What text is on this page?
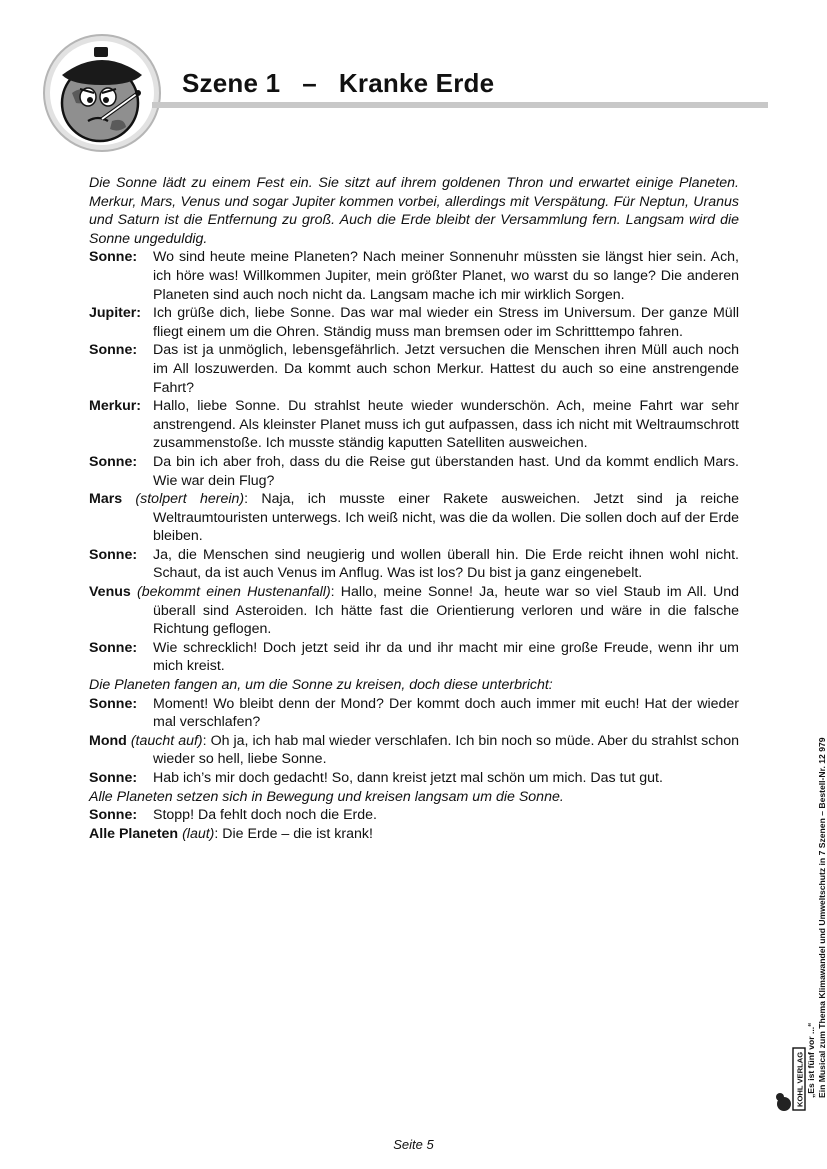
Szene 1 – Kranke Erde

Die Sonne lädt zu einem Fest ein. Sie sitzt auf ihrem goldenen Thron und erwartet einige Planeten. Merkur, Mars, Venus und sogar Jupiter kommen vorbei, allerdings mit Verspätung. Für Neptun, Uranus und Saturn ist die Entfernung zu groß. Auch die Erde bleibt der Versammlung fern. Langsam wird die Sonne ungeduldig.

Sonne: Wo sind heute meine Planeten? Nach meiner Sonnenuhr müssten sie längst hier sein. Ach, ich höre was! Willkommen Jupiter, mein größter Planet, wo warst du so lange? Die anderen Planeten sind auch noch nicht da. Langsam mache ich mir wirklich Sorgen.

Jupiter: Ich grüße dich, liebe Sonne. Das war mal wieder ein Stress im Universum. Der ganze Müll fliegt einem um die Ohren. Ständig muss man bremsen oder im Schritttempo fahren.

Sonne: Das ist ja unmöglich, lebensgefährlich. Jetzt versuchen die Menschen ihren Müll auch noch im All loszuwerden. Da kommt auch schon Merkur. Hattest du auch so eine anstrengende Fahrt?

Merkur: Hallo, liebe Sonne. Du strahlst heute wieder wunderschön. Ach, meine Fahrt war sehr anstrengend. Als kleinster Planet muss ich gut aufpassen, dass ich nicht mit Weltraumschrott zusammenstoße. Ich musste ständig kaputten Satelliten ausweichen.

Sonne: Da bin ich aber froh, dass du die Reise gut überstanden hast. Und da kommt endlich Mars. Wie war dein Flug?

Mars (stolpert herein): Naja, ich musste einer Rakete ausweichen. Jetzt sind ja reiche Weltraumtouristen unterwegs. Ich weiß nicht, was die da wollen. Die sollen doch auf der Erde bleiben.

Sonne: Ja, die Menschen sind neugierig und wollen überall hin. Die Erde reicht ihnen wohl nicht. Schaut, da ist auch Venus im Anflug. Was ist los? Du bist ja ganz eingenebelt.

Venus (bekommt einen Hustenanfall): Hallo, meine Sonne! Ja, heute war so viel Staub im All. Und überall sind Asteroiden. Ich hätte fast die Orientierung verloren und wäre in die falsche Richtung geflogen.

Sonne: Wie schrecklich! Doch jetzt seid ihr da und ihr macht mir eine große Freude, wenn ihr um mich kreist.

Die Planeten fangen an, um die Sonne zu kreisen, doch diese unterbricht:

Sonne: Moment! Wo bleibt denn der Mond? Der kommt doch auch immer mit euch! Hat der wieder mal verschlafen?

Mond (taucht auf): Oh ja, ich hab mal wieder verschlafen. Ich bin noch so müde. Aber du strahlst schon wieder so hell, liebe Sonne.

Sonne: Hab ich’s mir doch gedacht! So, dann kreist jetzt mal schön um mich. Das tut gut.

Alle Planeten setzen sich in Bewegung und kreisen langsam um die Sonne.

Sonne: Stopp! Da fehlt doch noch die Erde.

Alle Planeten (laut): Die Erde – die ist krank!

„Es ist fünf vor ...“ Ein Musical zum Thema Klimawandel und Umweltschutz in 7 Szenen – Bestell-Nr. 12 979
KOHL VERLAG
Seite 5
